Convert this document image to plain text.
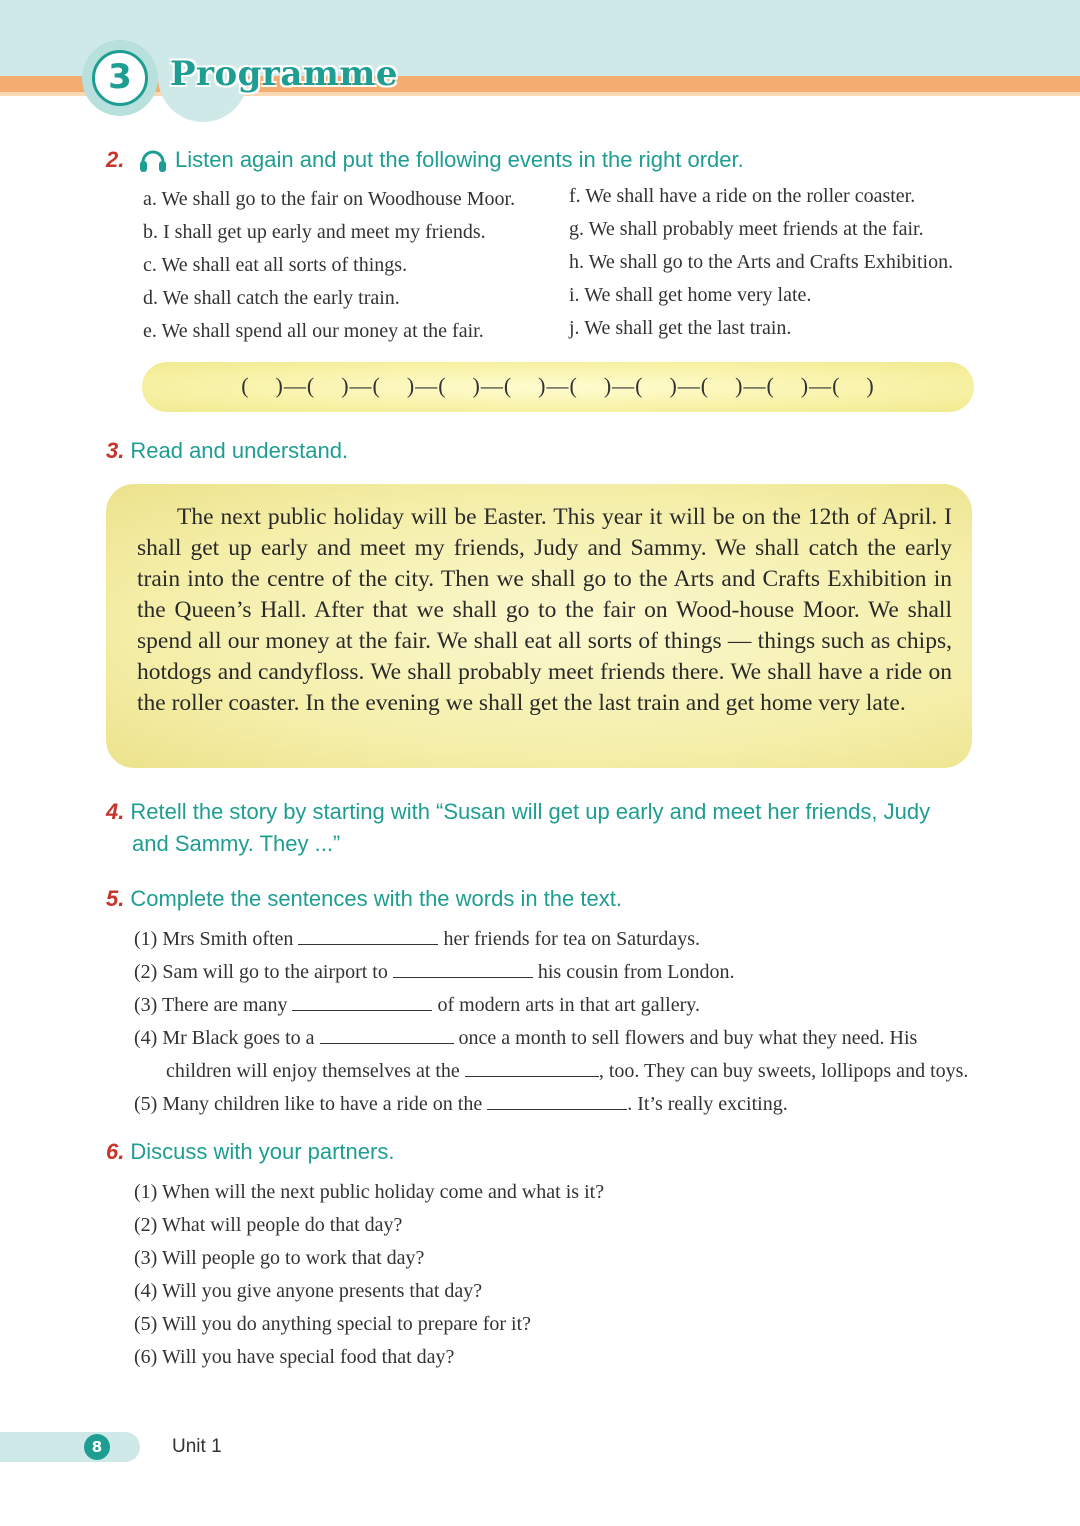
3	Programme
2. Listen again and put the following events in the right order.
a. We shall go to the fair on Woodhouse Moor.
b. I shall get up early and meet my friends.
c. We shall eat all sorts of things.
d. We shall catch the early train.
e. We shall spend all our money at the fair.
f. We shall have a ride on the roller coaster.
g. We shall probably meet friends at the fair.
h. We shall go to the Arts and Crafts Exhibition.
i. We shall get home very late.
j. We shall get the last train.
(    )—(    )—(    )—(    )—(    )—(    )—(    )—(    )—(    )—(    )
3. Read and understand.
The next public holiday will be Easter. This year it will be on the 12th of April. I shall get up early and meet my friends, Judy and Sammy. We shall catch the early train into the centre of the city. Then we shall go to the Arts and Crafts Exhibition in the Queen’s Hall. After that we shall go to the fair on Wood-house Moor. We shall spend all our money at the fair. We shall eat all sorts of things — things such as chips, hotdogs and candyfloss. We shall probably meet friends there. We shall have a ride on the roller coaster. In the evening we shall get the last train and get home very late.
4. Retell the story by starting with “Susan will get up early and meet her friends, Judy
and Sammy. They ...”
5. Complete the sentences with the words in the text.
(1) Mrs Smith often	her friends for tea on Saturdays.
(2) Sam will go to the airport to	his cousin from London.
(3) There are many	of modern arts in that art gallery.
(4) Mr Black goes to a	once a month to sell flowers and buy what they need. His
children will enjoy themselves at the	, too. They can buy sweets, lollipops and toys.
(5) Many children like to have a ride on the	. It’s really exciting.
6. Discuss with your partners.
(1) When will the next public holiday come and what is it?
(2) What will people do that day?
(3) Will people go to work that day?
(4) Will you give anyone presents that day?
(5) Will you do anything special to prepare for it?
(6) Will you have special food that day?
8	Unit 1
